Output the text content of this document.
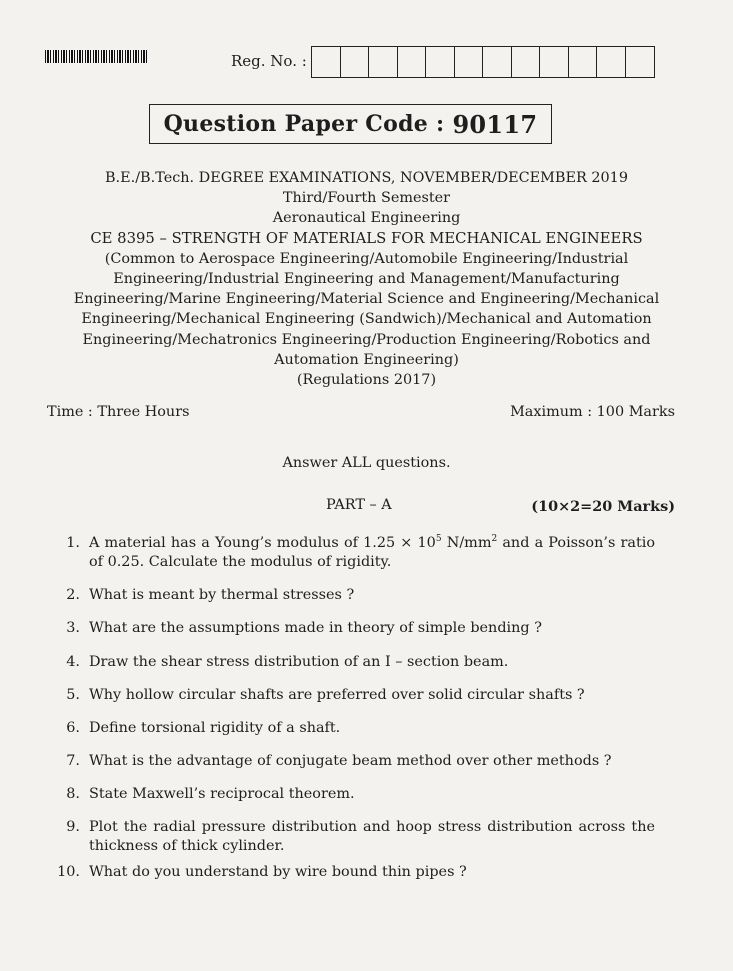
Reg. No. :
Question Paper Code : 90117
B.E./B.Tech. DEGREE EXAMINATIONS, NOVEMBER/DECEMBER 2019
Third/Fourth Semester
Aeronautical Engineering
CE 8395 – STRENGTH OF MATERIALS FOR MECHANICAL ENGINEERS
(Common to Aerospace Engineering/Automobile Engineering/Industrial
Engineering/Industrial Engineering and Management/Manufacturing
Engineering/Marine Engineering/Material Science and Engineering/Mechanical
Engineering/Mechanical Engineering (Sandwich)/Mechanical and Automation
Engineering/Mechatronics Engineering/Production Engineering/Robotics and
Automation Engineering)
(Regulations 2017)
Time : Three Hours	Maximum : 100 Marks
Answer ALL questions.
PART – A	(10×2=20 Marks)
1. A material has a Young’s modulus of $1.25 \times 10^5$ $N/mm^2$ and a Poisson’s ratio of 0.25. Calculate the modulus of rigidity.
2. What is meant by thermal stresses ?
3. What are the assumptions made in theory of simple bending ?
4. Draw the shear stress distribution of an I – section beam.
5. Why hollow circular shafts are preferred over solid circular shafts ?
6. Define torsional rigidity of a shaft.
7. What is the advantage of conjugate beam method over other methods ?
8. State Maxwell’s reciprocal theorem.
9. Plot the radial pressure distribution and hoop stress distribution across the thickness of thick cylinder.
10. What do you understand by wire bound thin pipes ?
